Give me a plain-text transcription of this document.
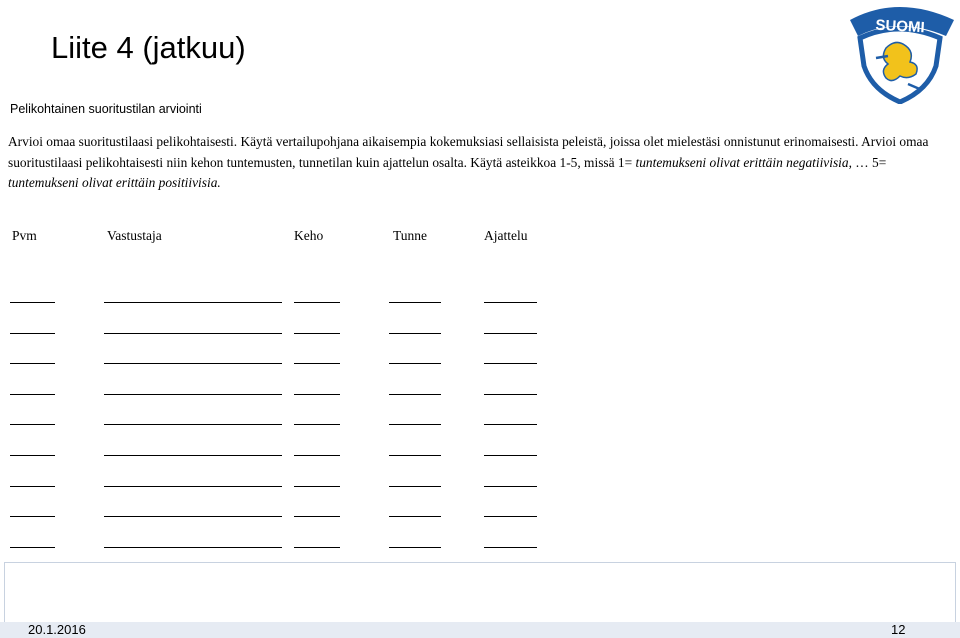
Liite 4 (jatkuu)
SUOMI
Pelikohtainen suoritustilan arviointi

Arvioi omaa suoritustilaasi pelikohtaisesti. Käytä vertailupohjana aikaisempia kokemuksiasi sellaisista peleistä, joissa olet mielestäsi onnistunut erinomaisesti. Arvioi omaa suoritustilaasi pelikohtaisesti niin kehon tuntemusten, tunnetilan kuin ajattelun osalta. Käytä asteikkoa 1-5, missä 1= tuntemukseni olivat erittäin negatiivisia, … 5= tuntemukseni olivat erittäin positiivisia.

Pvm	Vastustaja	Keho	Tunne	Ajattelu
20.1.2016	12
